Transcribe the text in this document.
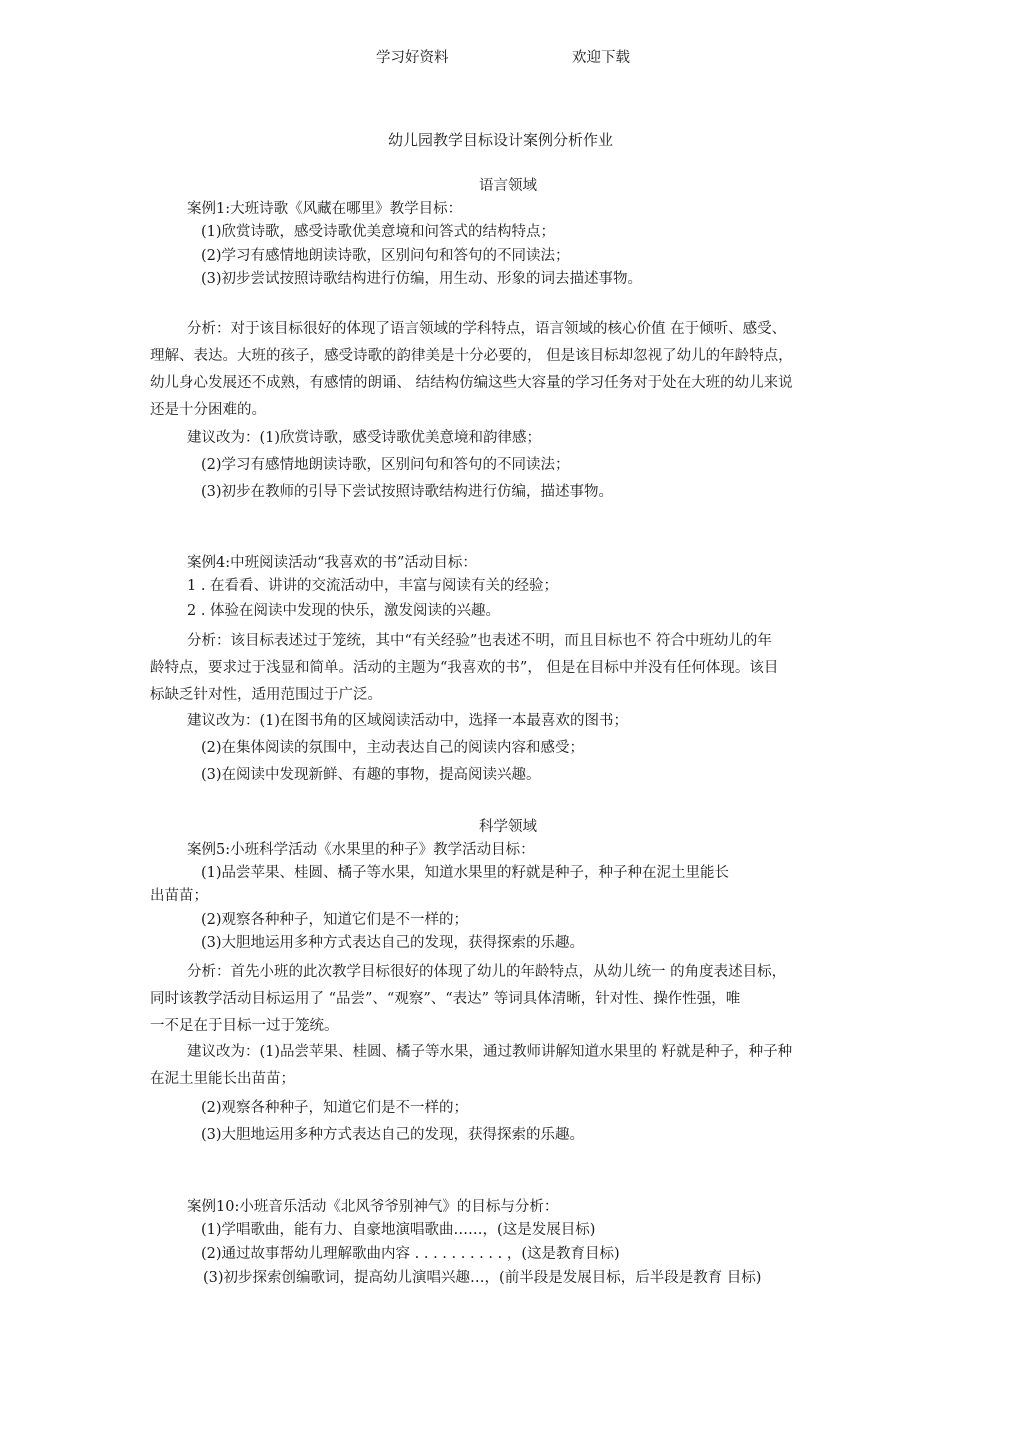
学习好资料	欢迎下载
幼儿园教学目标设计案例分析作业
语言领域
案例1:大班诗歌《风藏在哪里》教学目标：
(1)欣赏诗歌，感受诗歌优美意境和问答式的结构特点；
(2)学习有感情地朗读诗歌，区别问句和答句的不同读法；
(3)初步尝试按照诗歌结构进行仿编，用生动、形象的词去描述事物。
分析：对于该目标很好的体现了语言领域的学科特点，语言领域的核心价值 在于倾听、感受、
理解、表达。大班的孩子，感受诗歌的韵律美是十分必要的， 但是该目标却忽视了幼儿的年龄特点，
幼儿身心发展还不成熟，有感情的朗诵、 结结构仿编这些大容量的学习任务对于处在大班的幼儿来说
还是十分困难的。
建议改为：(1)欣赏诗歌，感受诗歌优美意境和韵律感；
(2)学习有感情地朗读诗歌，区别问句和答句的不同读法；
(3)初步在教师的引导下尝试按照诗歌结构进行仿编，描述事物。
案例4:中班阅读活动“我喜欢的书”活动目标：
1 . 在看看、讲讲的交流活动中，丰富与阅读有关的经验；
2 . 体验在阅读中发现的快乐，激发阅读的兴趣。
分析：该目标表述过于笼统，其中“有关经验”也表述不明，而且目标也不 符合中班幼儿的年
龄特点，要求过于浅显和简单。活动的主题为“我喜欢的书”， 但是在目标中并没有任何体现。该目
标缺乏针对性，适用范围过于广泛。
建议改为：(1)在图书角的区域阅读活动中，选择一本最喜欢的图书；
(2)在集体阅读的氛围中，主动表达自己的阅读内容和感受；
(3)在阅读中发现新鲜、有趣的事物，提高阅读兴趣。
科学领域
案例5:小班科学活动《水果里的种子》教学活动目标：
(1)品尝苹果、桂圆、橘子等水果，知道水果里的籽就是种子，种子种在泥土里能长
出苗苗；
(2)观察各种种子，知道它们是不一样的；
(3)大胆地运用多种方式表达自己的发现，获得探索的乐趣。
分析：首先小班的此次教学目标很好的体现了幼儿的年龄特点，从幼儿统一 的角度表述目标，
同时该教学活动目标运用了 “品尝”、“观察”、“表达” 等词具体清晰，针对性、操作性强，唯
一不足在于目标一过于笼统。
建议改为：(1)品尝苹果、桂圆、橘子等水果，通过教师讲解知道水果里的 籽就是种子，种子种
在泥土里能长出苗苗；
(2)观察各种种子，知道它们是不一样的；
(3)大胆地运用多种方式表达自己的发现，获得探索的乐趣。
案例10:小班音乐活动《北风爷爷别神气》的目标与分析：
(1)学唱歌曲，能有力、自豪地演唱歌曲……，(这是发展目标)
(2)通过故事帮幼儿理解歌曲内容 . . . . . . . . . . ，(这是教育目标)
(3)初步探索创编歌词，提高幼儿演唱兴趣…，(前半段是发展目标，后半段是教育 目标)
